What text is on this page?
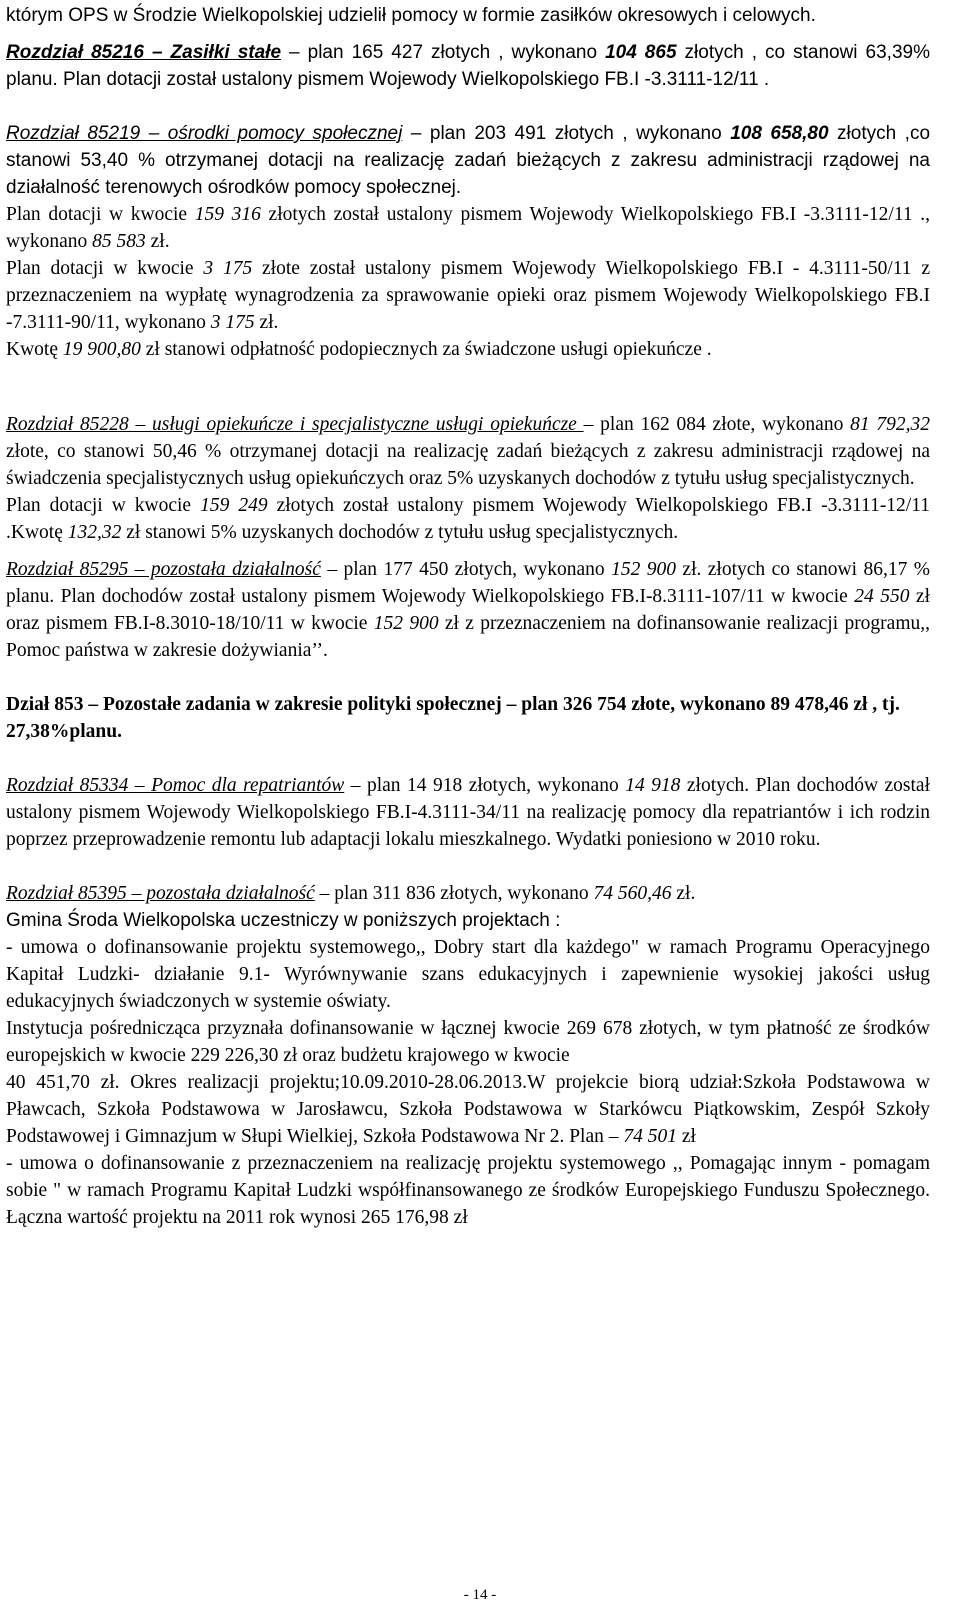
którym OPS w Środzie Wielkopolskiej udzielił pomocy w formie zasiłków okresowych i celowych.

Rozdział 85216 – Zasiłki stałe – plan 165 427 złotych , wykonano 104 865 złotych , co stanowi 63,39% planu. Plan dotacji został ustalony pismem Wojewody Wielkopolskiego FB.I -3.3111-12/11 .

Rozdział 85219 – ośrodki pomocy społecznej – plan 203 491 złotych , wykonano 108 658,80 złotych ,co stanowi 53,40 % otrzymanej dotacji na realizację zadań bieżących z zakresu administracji rządowej na działalność terenowych ośrodków pomocy społecznej.

Plan dotacji w kwocie 159 316 złotych został ustalony pismem Wojewody Wielkopolskiego FB.I -3.3111-12/11 ., wykonano 85 583 zł.

Plan dotacji w kwocie 3 175 złote został ustalony pismem Wojewody Wielkopolskiego FB.I - 4.3111-50/11 z przeznaczeniem na wypłatę wynagrodzenia za sprawowanie opieki oraz pismem Wojewody Wielkopolskiego FB.I -7.3111-90/11, wykonano 3 175 zł.

Kwotę 19 900,80 zł stanowi odpłatność podopiecznych za świadczone usługi opiekuńcze .

Rozdział 85228 – usługi opiekuńcze i specjalistyczne usługi opiekuńcze – plan 162 084 złote, wykonano 81 792,32 złote, co stanowi 50,46 % otrzymanej dotacji na realizację zadań bieżących z zakresu administracji rządowej na świadczenia specjalistycznych usług opiekuńczych oraz 5% uzyskanych dochodów z tytułu usług specjalistycznych.

Plan dotacji w kwocie 159 249 złotych został ustalony pismem Wojewody Wielkopolskiego FB.I -3.3111-12/11 .Kwotę 132,32 zł stanowi 5% uzyskanych dochodów z tytułu usług specjalistycznych.

Rozdział 85295 – pozostała działalność – plan 177 450 złotych, wykonano 152 900 zł. złotych co stanowi 86,17 % planu. Plan dochodów został ustalony pismem Wojewody Wielkopolskiego FB.I-8.3111-107/11 w kwocie 24 550 zł oraz pismem FB.I-8.3010-18/10/11 w kwocie 152 900 zł z przeznaczeniem na dofinansowanie realizacji programu,, Pomoc państwa w zakresie dożywiania’’.

Dział 853 – Pozostałe zadania w zakresie polityki społecznej – plan 326 754 złote, wykonano 89 478,46 zł , tj. 27,38%planu.

Rozdział 85334 – Pomoc dla repatriantów – plan 14 918 złotych, wykonano 14 918 złotych. Plan dochodów został ustalony pismem Wojewody Wielkopolskiego FB.I-4.3111-34/11 na realizację pomocy dla repatriantów i ich rodzin poprzez przeprowadzenie remontu lub adaptacji lokalu mieszkalnego. Wydatki poniesiono w 2010 roku.

Rozdział 85395 – pozostała działalność – plan 311 836 złotych, wykonano 74 560,46 zł.

Gmina Środa Wielkopolska uczestniczy w poniższych projektach :

- umowa o dofinansowanie projektu systemowego,, Dobry start dla każdego" w ramach Programu Operacyjnego Kapitał Ludzki- działanie 9.1- Wyrównywanie szans edukacyjnych i zapewnienie wysokiej jakości usług edukacyjnych świadczonych w systemie oświaty.

Instytucja pośrednicząca przyznała dofinansowanie w łącznej kwocie 269 678 złotych, w tym płatność ze środków europejskich w kwocie 229 226,30 zł oraz budżetu krajowego w kwocie

40 451,70 zł. Okres realizacji projektu;10.09.2010-28.06.2013.W projekcie biorą udział:Szkoła Podstawowa w Pławcach, Szkoła Podstawowa w Jarosławcu, Szkoła Podstawowa w Starkówcu Piątkowskim, Zespół Szkoły Podstawowej i Gimnazjum w Słupi Wielkiej, Szkoła Podstawowa Nr 2. Plan – 74 501 zł

- umowa o dofinansowanie z przeznaczeniem na realizację projektu systemowego ,, Pomagając innym - pomagam sobie " w ramach Programu Kapitał Ludzki współfinansowanego ze środków Europejskiego Funduszu Społecznego. Łączna wartość projektu na 2011 rok wynosi 265 176,98 zł

- 14 -
